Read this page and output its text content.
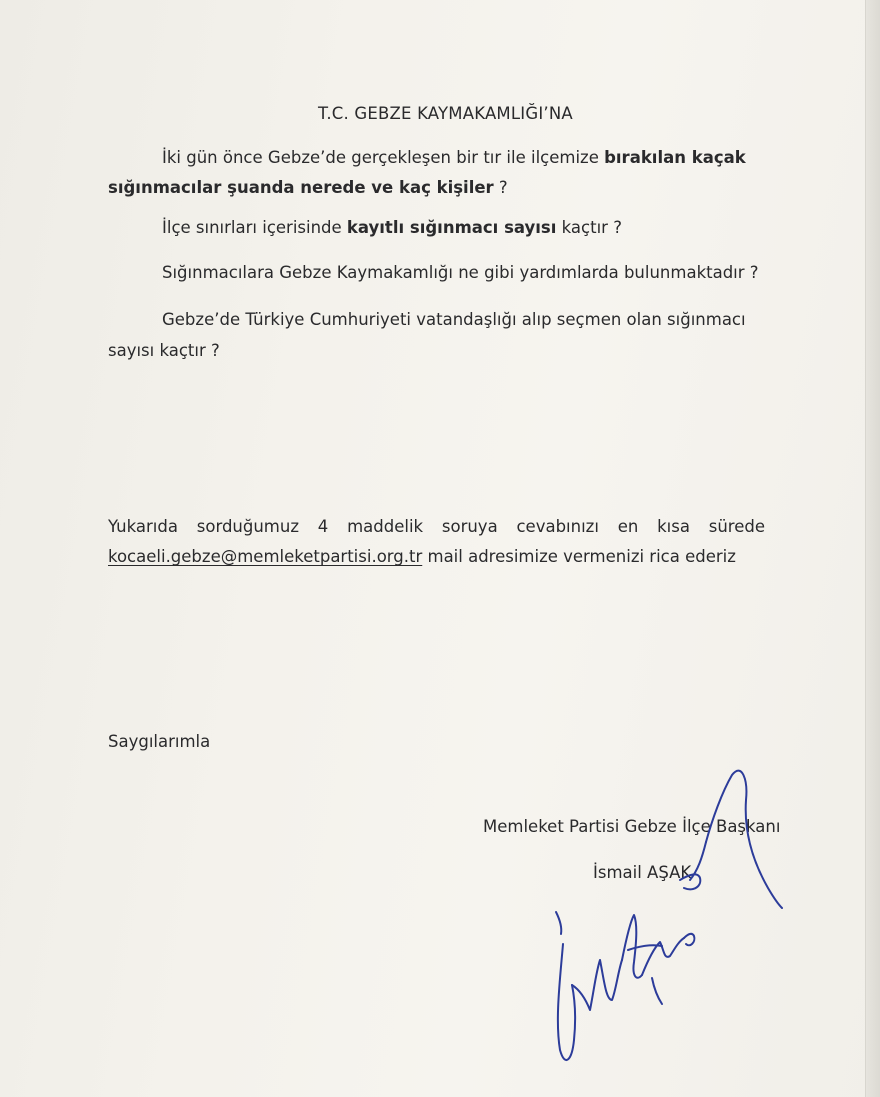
T.C. GEBZE KAYMAKAMLIĞI’NA
İki gün önce Gebze’de gerçekleşen bir tır ile ilçemize bırakılan kaçak
sığınmacılar şuanda nerede ve kaç kişiler ?
İlçe sınırları içerisinde kayıtlı sığınmacı sayısı kaçtır ?
Sığınmacılara Gebze Kaymakamlığı ne gibi yardımlarda bulunmaktadır ?
Gebze’de Türkiye Cumhuriyeti vatandaşlığı alıp seçmen olan sığınmacı
sayısı kaçtır ?
Yukarıda sorduğumuz 4 maddelik soruya cevabınızı en kısa sürede
kocaeli.gebze@memleketpartisi.org.tr mail adresimize vermenizi rica ederiz
Saygılarımla
Memleket Partisi Gebze İlçe Başkanı
İsmail AŞAK
